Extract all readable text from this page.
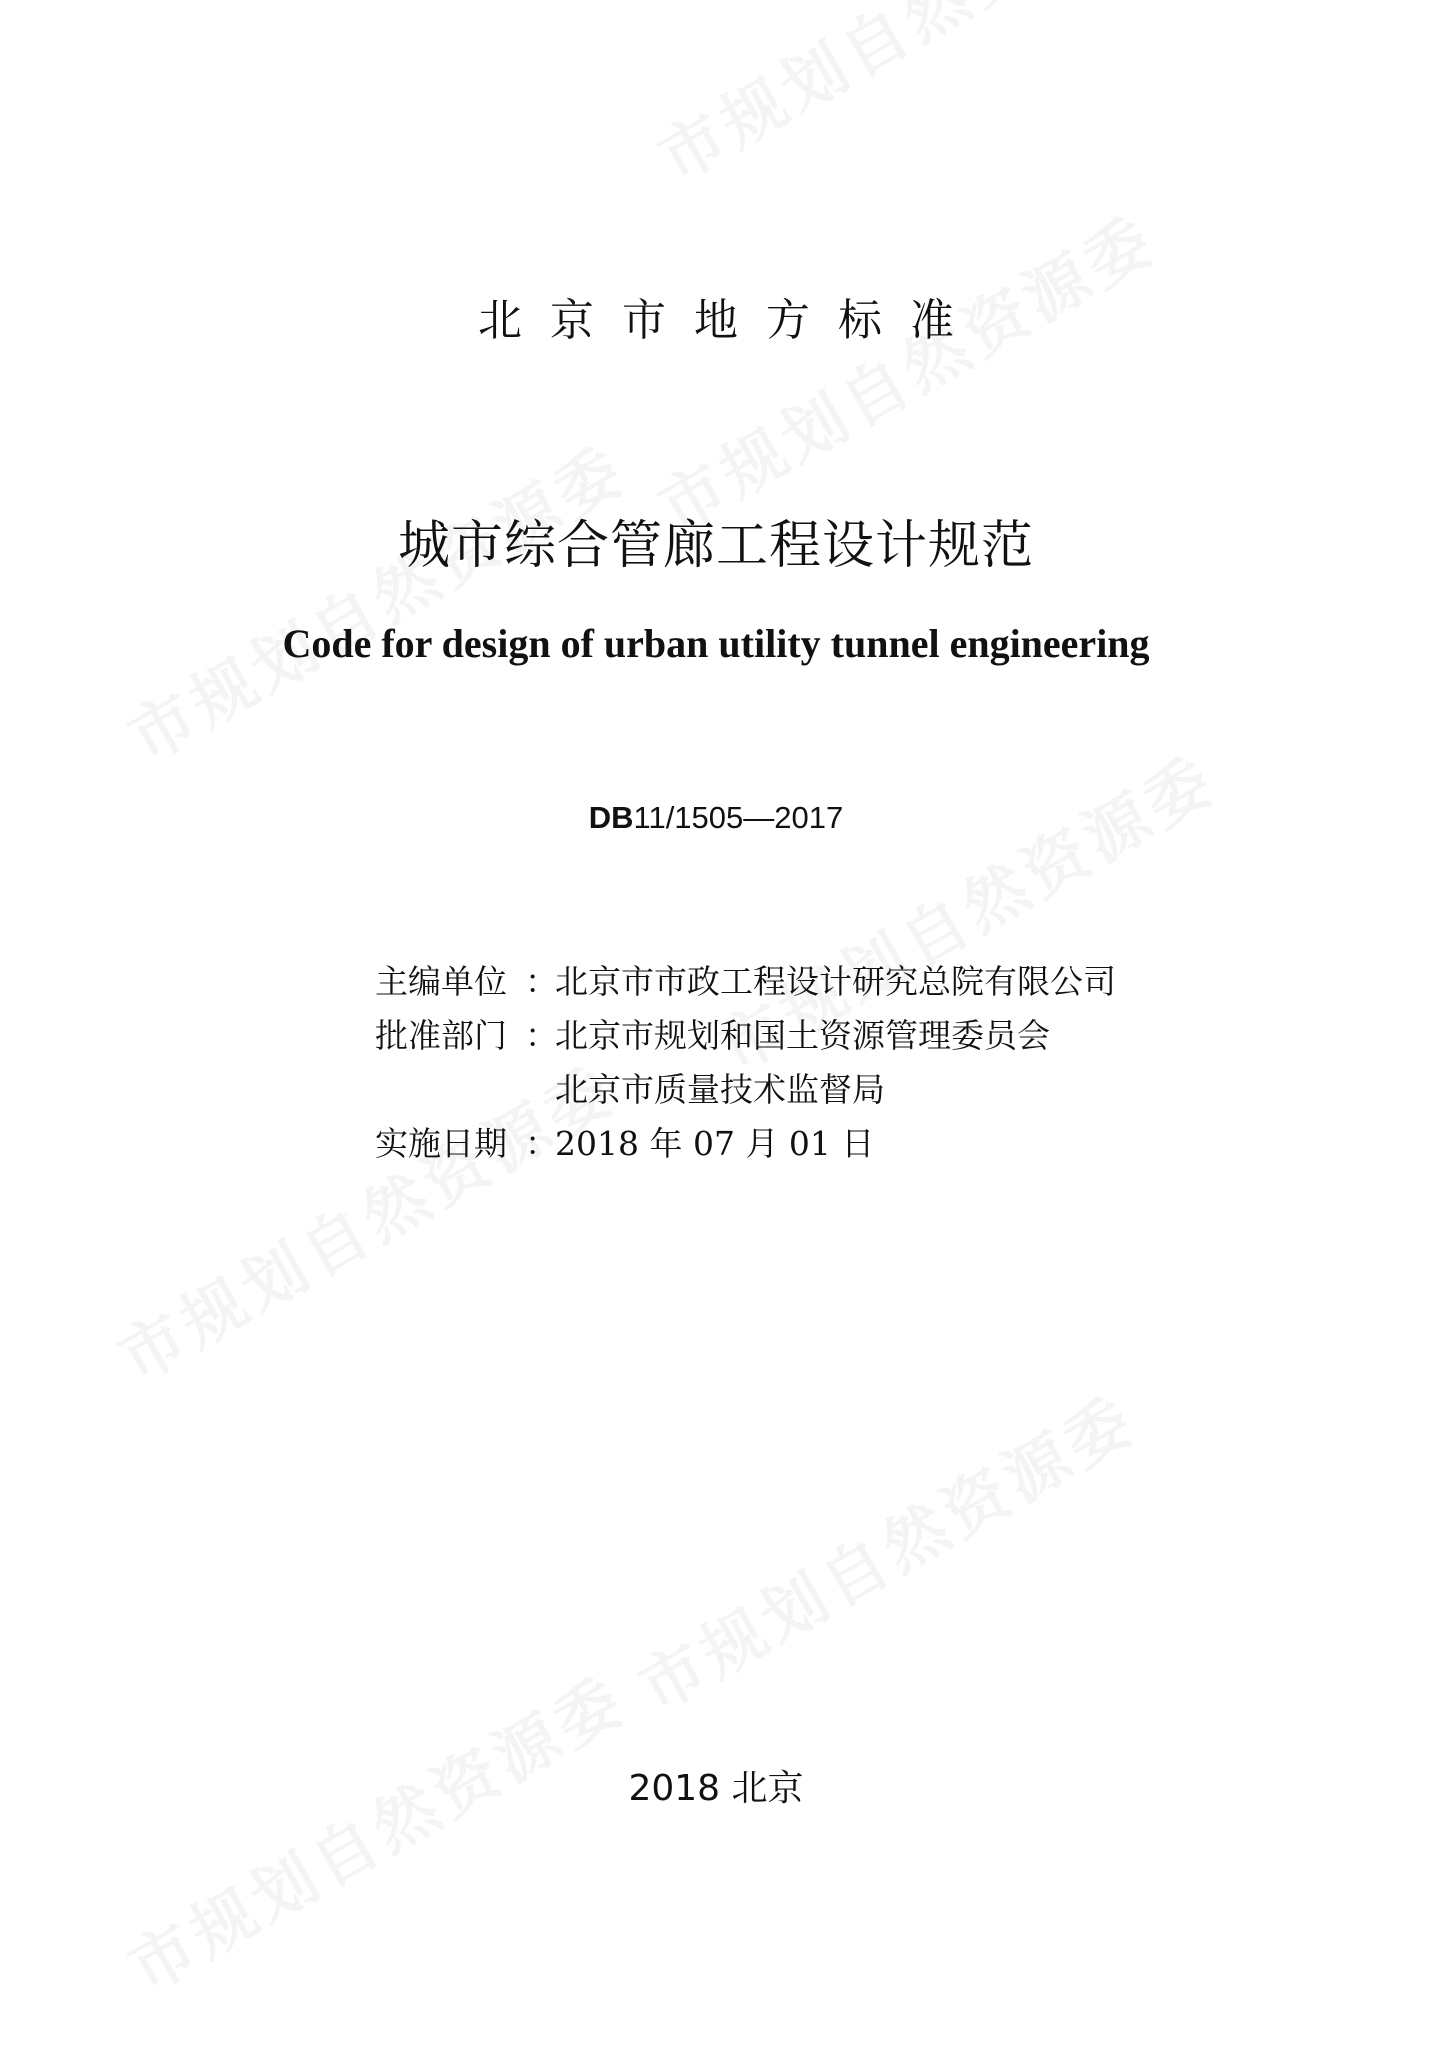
北京市地方标准
城市综合管廊工程设计规范
Code for design of urban utility tunnel engineering
DB11/1505—2017
主编单位 ：
北京市市政工程设计研究总院有限公司
批准部门 ：
北京市规划和国土资源管理委员会
北京市质量技术监督局
实施日期 ：
2018 年 07 月 01 日
2018 北京
